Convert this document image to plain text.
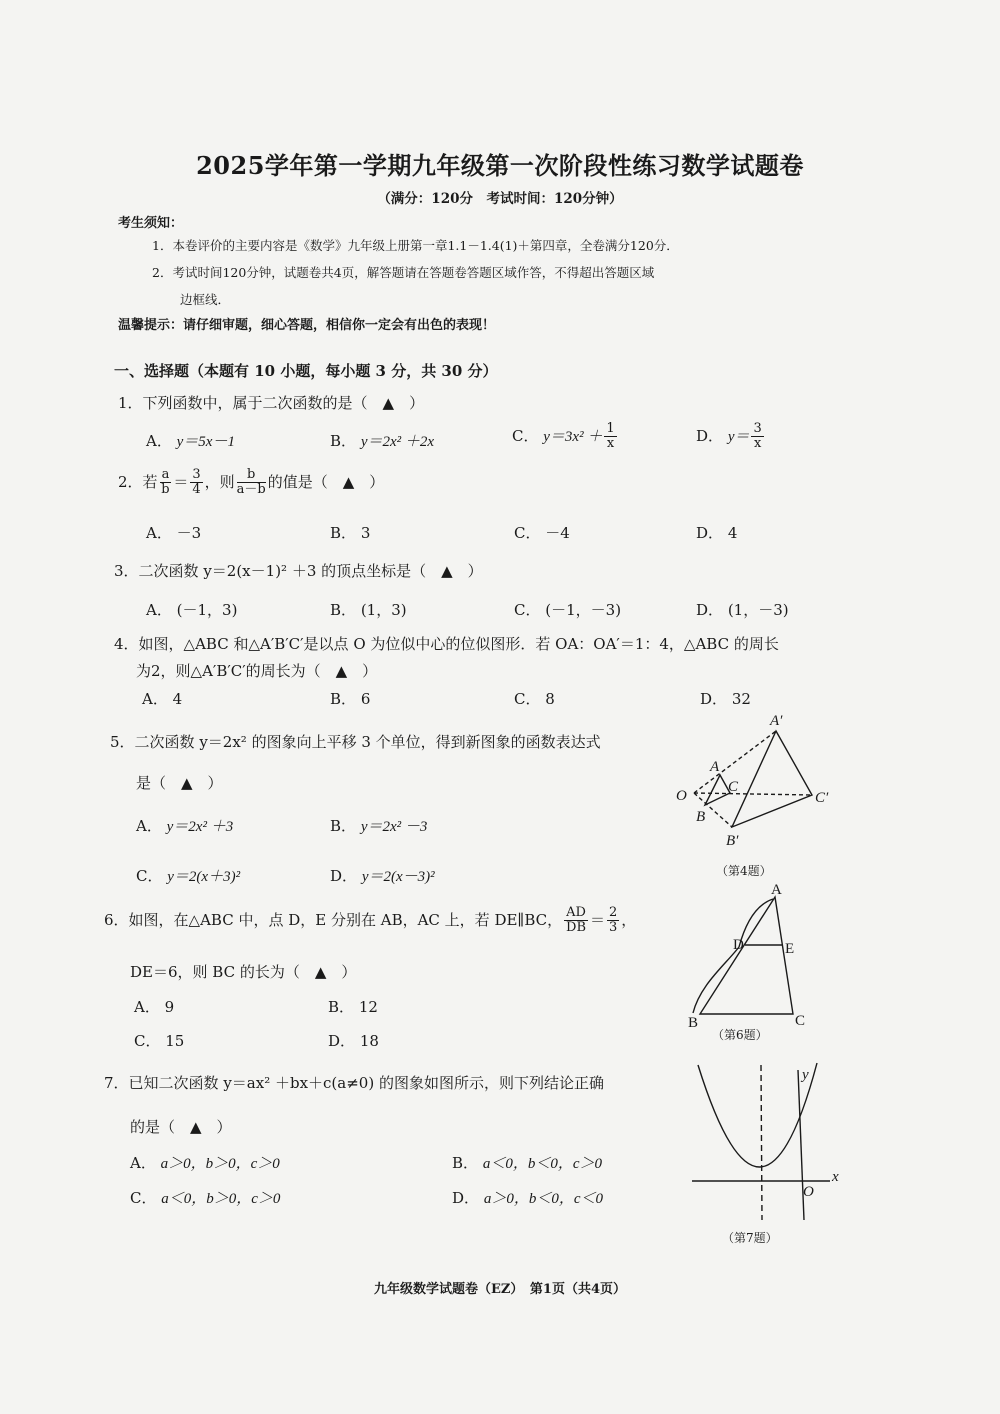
2025学年第一学期九年级第一次阶段性练习数学试题卷
（满分：120分　考试时间：120分钟）
考生须知：
1．本卷评价的主要内容是《数学》九年级上册第一章1.1－1.4(1)＋第四章，全卷满分120分．
2．考试时间120分钟，试题卷共4页，解答题请在答题卷答题区域作答，不得超出答题区域
边框线．
温馨提示：请仔细审题，细心答题，相信你一定会有出色的表现！
一、选择题（本题有 10 小题，每小题 3 分，共 30 分）
1．下列函数中，属于二次函数的是（　▲　）
A． y＝5x－1	B． y＝2x² ＋2x	C． $y=3x^2 + \frac{1}{x}$	D． $y= \frac{3}{x}$
2．若 $\frac{a}{b} = \frac{3}{4}$ ，则 $\frac{b}{a-b}$ 的值是（　▲　）
A． －3	B． 3	C． －4	D． 4
3．二次函数 y＝2(x－1)² ＋3 的顶点坐标是（　▲　）
A． (－1，3)	B． (1，3)	C． (－1，－3)	D． (1，－3)
4．如图，△ABC 和△A′B′C′是以点 O 为位似中心的位似图形．若 OA：OA′＝1：4，△ABC 的周长
为2，则△A′B′C′的周长为（　▲　）
A． 4	B． 6	C． 8	D． 32
A′
A
C
O	C′
B
B′
（第4题）
5．二次函数 y＝2x² 的图象向上平移 3 个单位，得到新图象的函数表达式
是（　▲　）
A． y＝2x² ＋3	B． y＝2x² －3
C． y＝2(x＋3)²	D． y＝2(x－3)²
6．如图，在△ABC 中，点 D，E 分别在 AB，AC 上，若 DE∥BC， $\frac{AD}{DB} = \frac{2}{3}$ ，
DE＝6，则 BC 的长为（　▲　）
A． 9	B． 12
C． 15	D． 18
A
D	E
B	C
（第6题）
7．已知二次函数 y＝ax² ＋bx＋c(a≠0) 的图象如图所示，则下列结论正确
的是（　▲　）
A． a＞0，b＞0，c＞0	B． a＜0，b＜0，c＞0
C． a＜0，b＞0，c＞0	D． a＞0，b＜0，c＜0
y
x
O
（第7题）
九年级数学试题卷（EZ）　第1页（共4页）
